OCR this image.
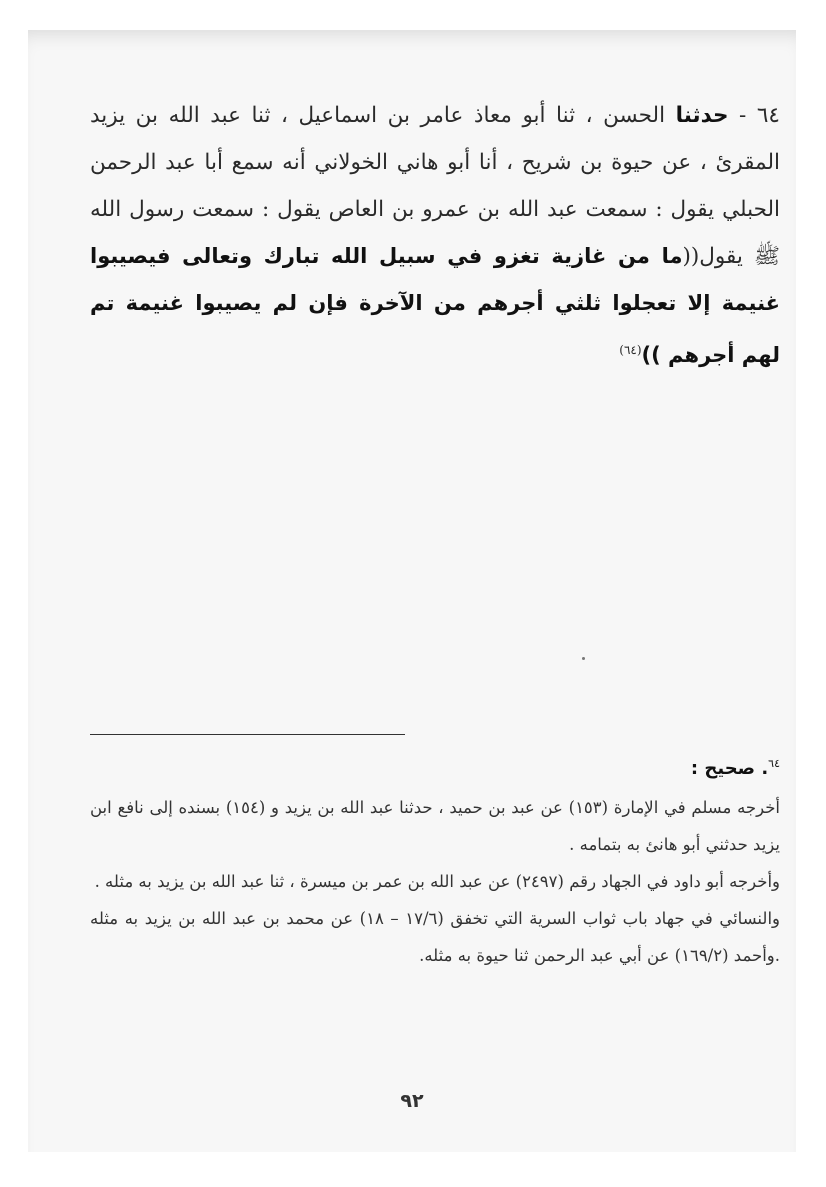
٦٤ - حدثنا الحسن ، ثنا أبو معاذ عامر بن اسماعيل ، ثنا عبد الله بن يزيد المقرئ ، عن حيوة بن شريح ، أنا أبو هاني الخولاني أنه سمع أبا عبد الرحمن الحبلي يقول : سمعت عبد الله بن عمرو بن العاص يقول : سمعت رسول الله ﷺ يقول((ما من غازية تغزو في سبيل الله تبارك وتعالى فيصيبوا غنيمة إلا تعجلوا ثلثي أجرهم من الآخرة فإن لم يصيبوا غنيمة تم لهم أجرهم ))$^{(٦٤)}$

$^{٦٤}$. صحيح :

أخرجه مسلم في الإمارة (١٥٣) عن عبد بن حميد ، حدثنا عبد الله بن يزيد و (١٥٤) بسنده إلى نافع ابن يزيد حدثني أبو هانئ به بتمامه .

وأخرجه أبو داود في الجهاد رقم (٢٤٩٧) عن عبد الله بن عمر بن ميسرة ، ثنا عبد الله بن يزيد به مثله .

والنسائي في جهاد باب ثواب السرية التي تخفق (١٧/٦ – ١٨) عن محمد بن عبد الله بن يزيد به مثله .وأحمد (١٦٩/٢) عن أبي عبد الرحمن ثنا حيوة به مثله.

٩٢
